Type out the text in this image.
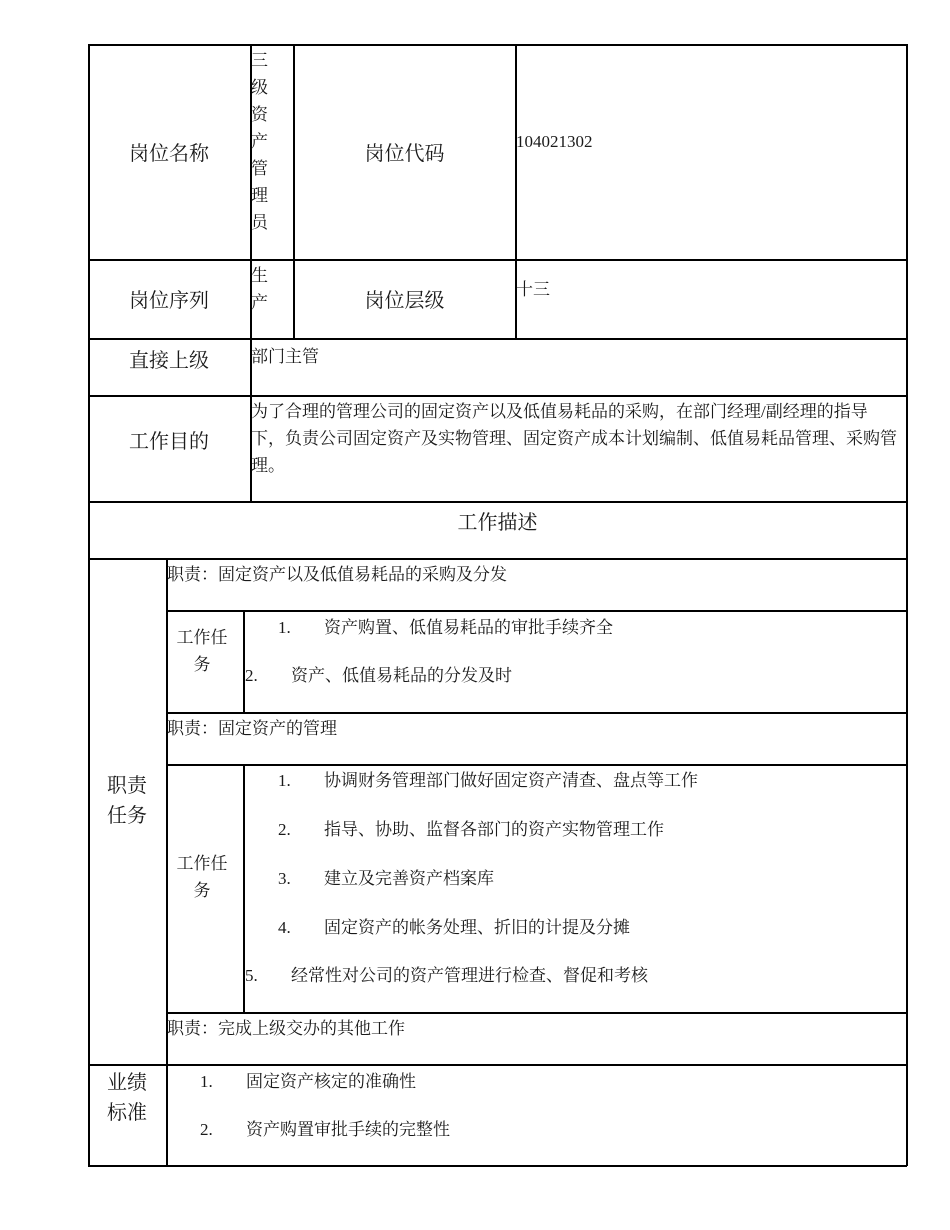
岗位名称
三级资产管理员
岗位代码
104021302
岗位序列
生产	岗位层级
十三
直接上级	部门主管
工作目的
为了合理的管理公司的固定资产以及低值易耗品的采购，在部门经理/副经理的指导下，负责公司固定资产及实物管理、固定资产成本计划编制、低值易耗品管理、采购管理。
工作描述
职责任务
职责：固定资产以及低值易耗品的采购及分发
工作任务
1. 资产购置、低值易耗品的审批手续齐全
2. 资产、低值易耗品的分发及时
职责：固定资产的管理
工作任务
1. 协调财务管理部门做好固定资产清查、盘点等工作
2. 指导、协助、监督各部门的资产实物管理工作
3. 建立及完善资产档案库
4. 固定资产的帐务处理、折旧的计提及分摊
5. 经常性对公司的资产管理进行检查、督促和考核
职责：完成上级交办的其他工作
业绩标准
1. 固定资产核定的准确性
2. 资产购置审批手续的完整性
